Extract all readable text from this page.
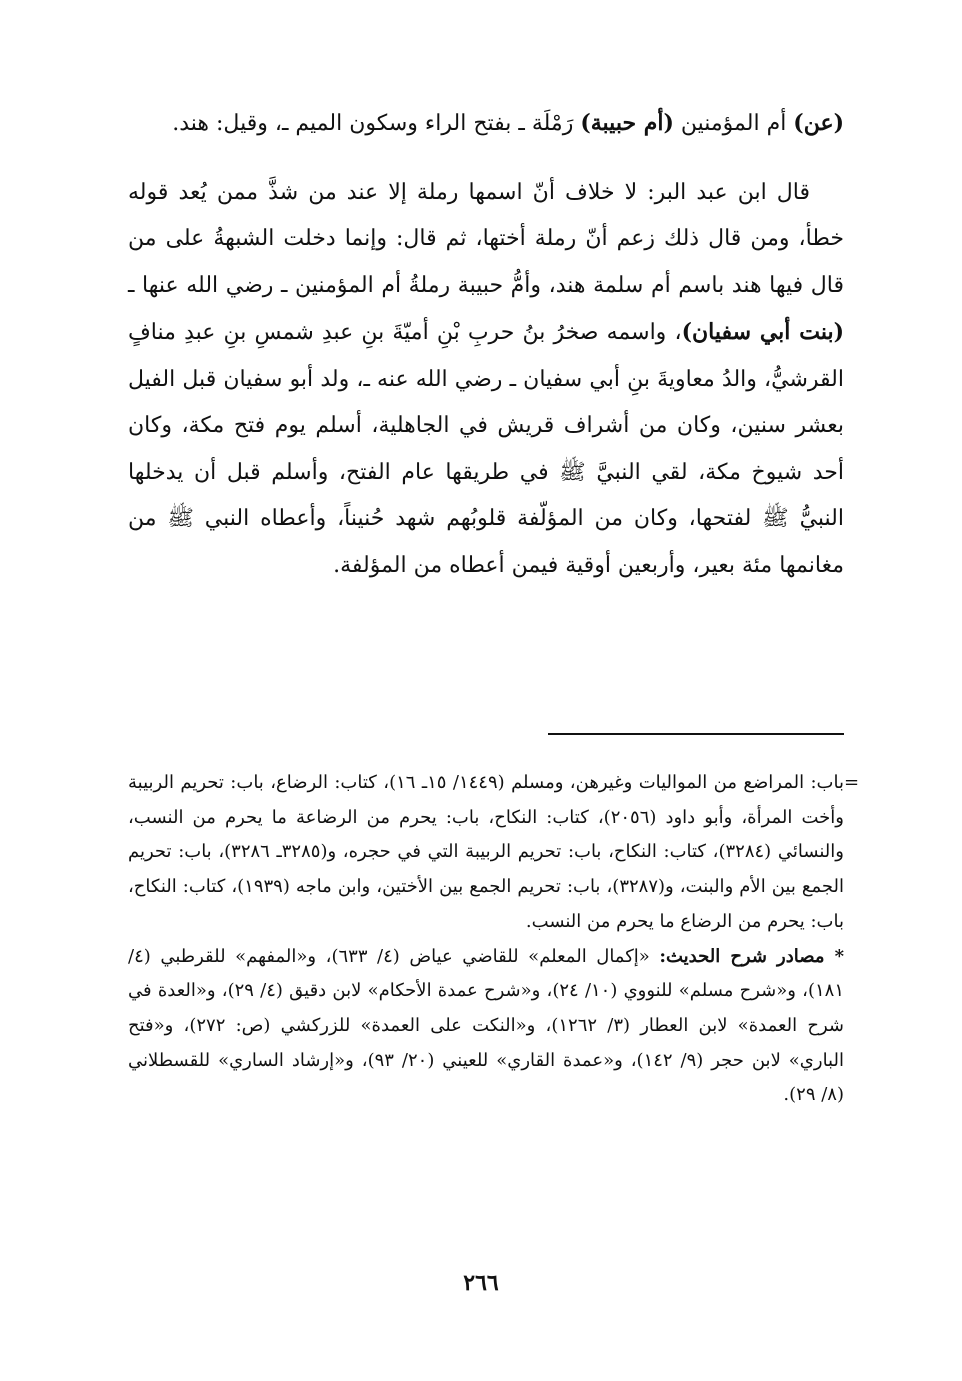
(عن) أم المؤمنين (أم حبيبة) رَمْلَة ـ بفتح الراء وسكون الميم ـ، وقيل: هند.

قال ابن عبد البر: لا خلاف أنّ اسمها رملة إلا عند من شذَّ ممن يُعد قوله خطأ، ومن قال ذلك زعم أنّ رملة أختها، ثم قال: وإنما دخلت الشبهةُ على من قال فيها هند باسم أم سلمة هند، وأمُّ حبيبة رملةُ أم المؤمنين ـ رضي الله عنها ـ (بنت أبي سفيان)، واسمه صخرُ بنُ حربِ بْنِ أميّةَ بنِ عبدِ شمسِ بنِ عبدِ منافٍ القرشيُّ، والدُ معاويةَ بنِ أبي سفيان ـ رضي الله عنه ـ، ولد أبو سفيان قبل الفيل بعشر سنين، وكان من أشراف قريش في الجاهلية، أسلم يوم فتح مكة، وكان أحد شيوخ مكة، لقي النبيَّ ﷺ في طريقها عام الفتح، وأسلم قبل أن يدخلها النبيُّ ﷺ لفتحها، وكان من المؤلّفة قلوبُهم شهد حُنيناً، وأعطاه النبي ﷺ من مغانمها مئة بعير، وأربعين أوقية فيمن أعطاه من المؤلفة.

=

باب: المراضع من المواليات وغيرهن، ومسلم (١٤٤٩/ ١٥ـ ١٦)، كتاب: الرضاع، باب: تحريم الربيبة وأخت المرأة، وأبو داود (٢٠٥٦)، كتاب: النكاح، باب: يحرم من الرضاعة ما يحرم من النسب، والنسائي (٣٢٨٤)، كتاب: النكاح، باب: تحريم الربيبة التي في حجره، و(٣٢٨٥ـ ٣٢٨٦)، باب: تحريم الجمع بين الأم والبنت، و(٣٢٨٧)، باب: تحريم الجمع بين الأختين، وابن ماجه (١٩٣٩)، كتاب: النكاح، باب: يحرم من الرضاع ما يحرم من النسب.

* مصادر شرح الحديث: «إكمال المعلم» للقاضي عياض (٤/ ٦٣٣)، و«المفهم» للقرطبي (٤/ ١٨١)، و«شرح مسلم» للنووي (١٠/ ٢٤)، و«شرح عمدة الأحكام» لابن دقيق (٤/ ٢٩)، و«العدة في شرح العمدة» لابن العطار (٣/ ١٢٦٢)، و«النكت على العمدة» للزركشي (ص: ٢٧٢)، و«فتح الباري» لابن حجر (٩/ ١٤٢)، و«عمدة القاري» للعيني (٢٠/ ٩٣)، و«إرشاد الساري» للقسطلاني (٨/ ٢٩).

٢٦٦
